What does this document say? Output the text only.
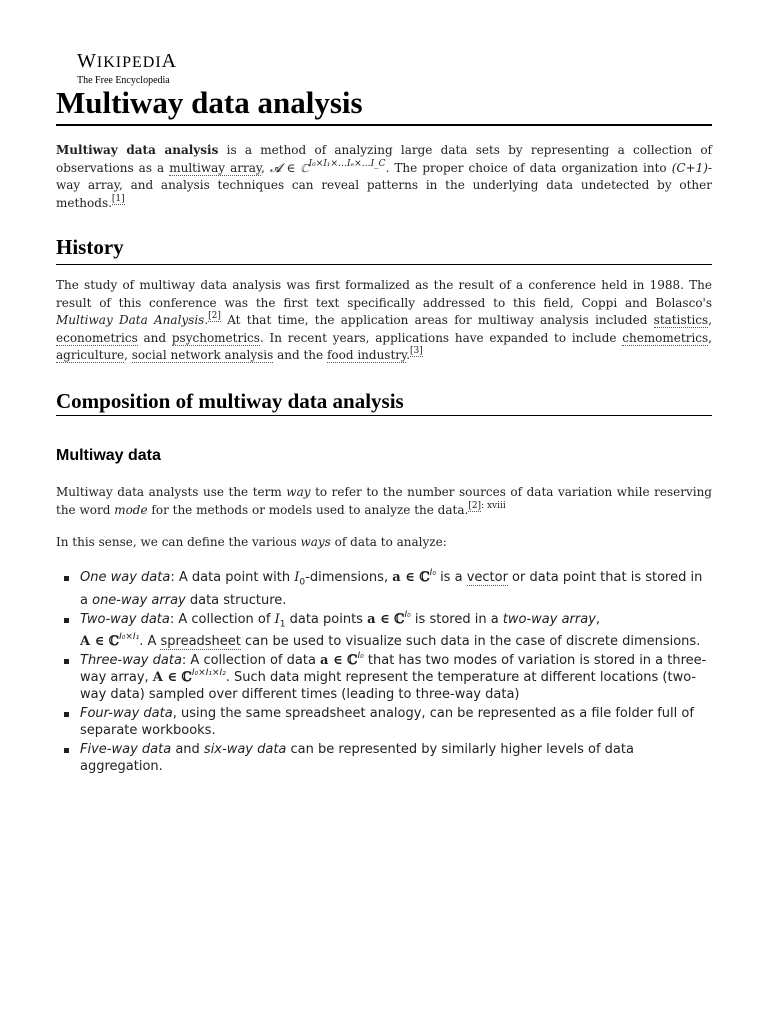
WIKIPEDIA
The Free Encyclopedia
Multiway data analysis

Multiway data analysis is a method of analyzing large data sets by representing a collection of observations as a multiway array, 𝓐 ∈ ℂ$^{I_0\times I_1\times\dots I_e\times\dots I\_C}$. The proper choice of data organization into (C+1)-way array, and analysis techniques can reveal patterns in the underlying data undetected by other methods.[1]

History

The study of multiway data analysis was first formalized as the result of a conference held in 1988. The result of this conference was the first text specifically addressed to this field, Coppi and Bolasco's Multiway Data Analysis.[2] At that time, the application areas for multiway analysis included statistics, econometrics and psychometrics. In recent years, applications have expanded to include chemometrics, agriculture, social network analysis and the food industry.[3]

Composition of multiway data analysis
Multiway data

Multiway data analysts use the term way to refer to the number sources of data variation while reserving the word mode for the methods or models used to analyze the data.$^{[2]: xviii}$

In this sense, we can define the various ways of data to analyze:

One way data: A data point with $I_0$-dimensions, a ∈ ℂ$^{I_0}$ is a vector or data point that is stored in a one-way array data structure.
Two-way data: A collection of $I_1$ data points a ∈ ℂ$^{I_0}$ is stored in a two-way array,
A ∈ ℂ$^{I_0\times I_1}$. A spreadsheet can be used to visualize such data in the case of discrete dimensions.
Three-way data: A collection of data a ∈ ℂ$^{I_0}$ that has two modes of variation is stored in a three-way array, A ∈ ℂ$^{I_0\times I_1\times I_2}$. Such data might represent the temperature at different locations (two-way data) sampled over different times (leading to three-way data)
Four-way data, using the same spreadsheet analogy, can be represented as a file folder full of separate workbooks.
Five-way data and six-way data can be represented by similarly higher levels of data aggregation.
